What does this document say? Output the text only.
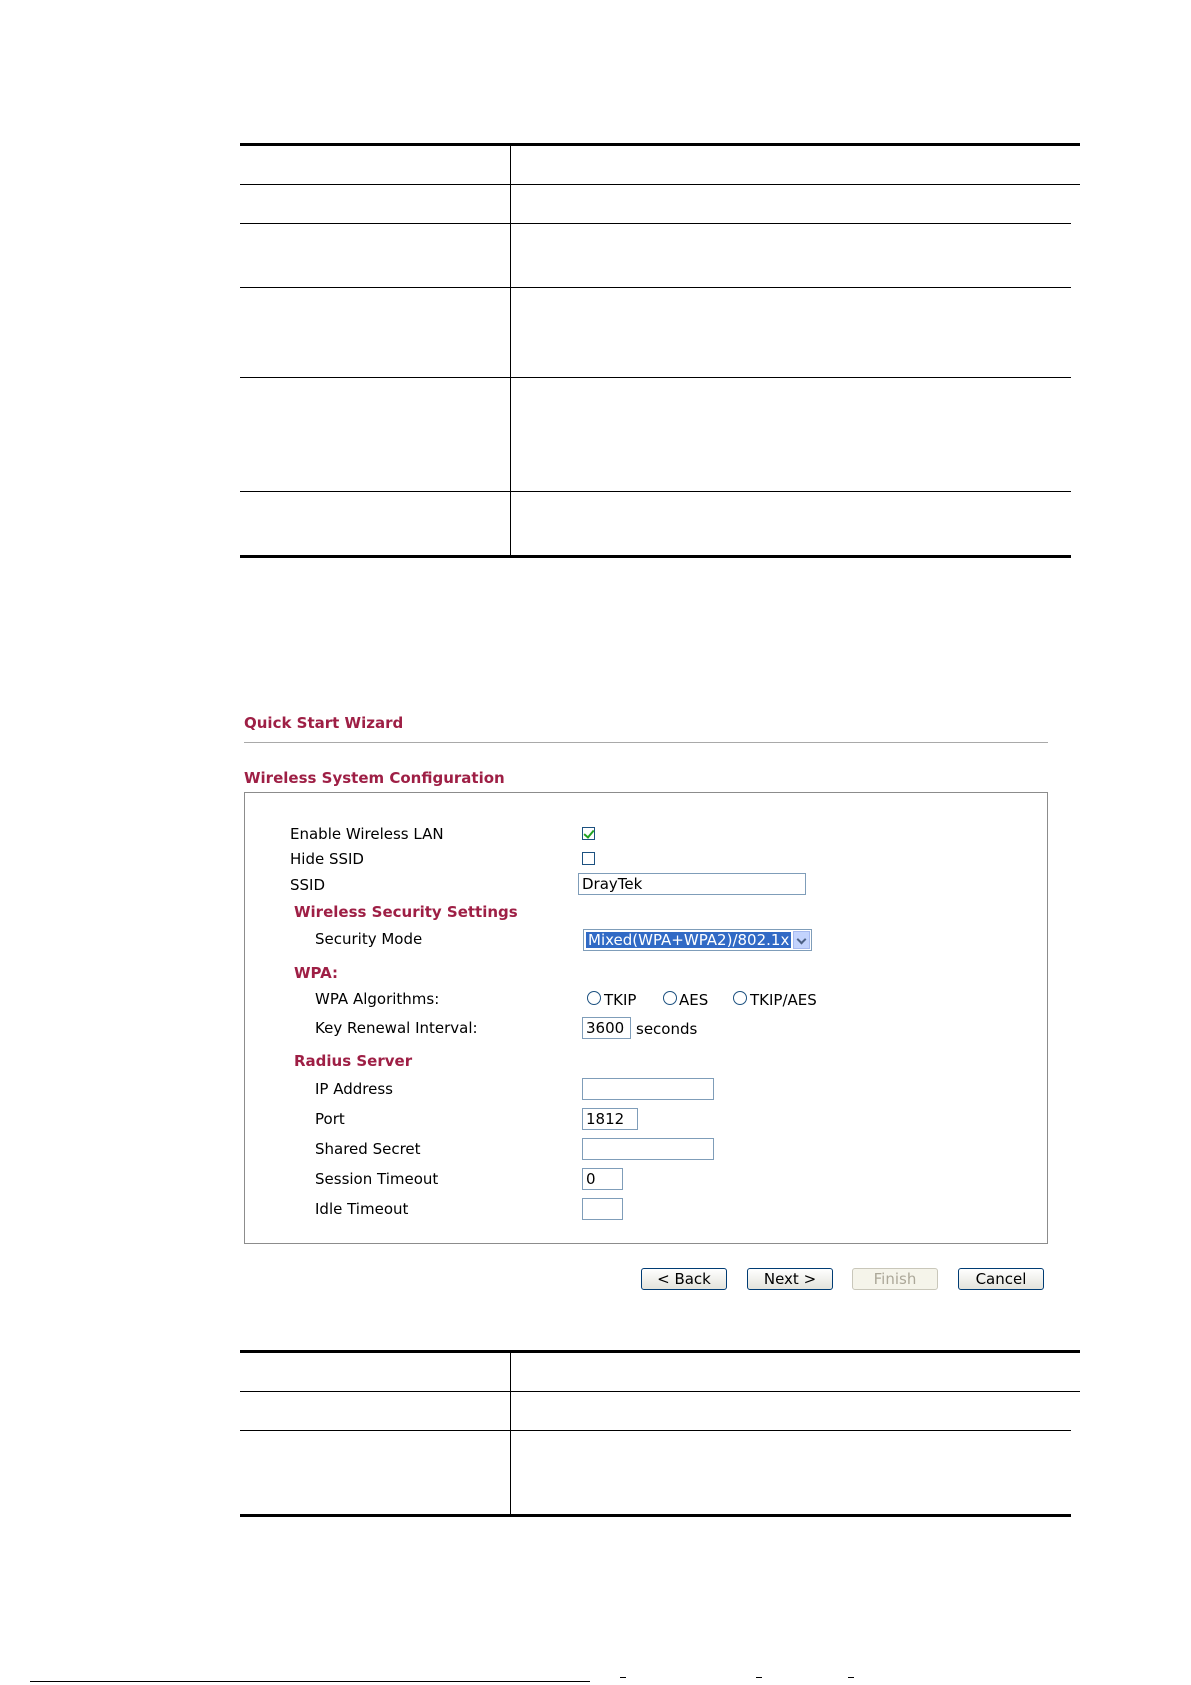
Quick Start Wizard
Wireless System Configuration
Enable Wireless LAN
Hide SSID
SSID	DrayTek
Wireless Security Settings
Security Mode	Mixed(WPA+WPA2)/802.1x
WPA:
WPA Algorithms:	TKIP	AES	TKIP/AES
Key Renewal Interval:	3600 seconds
Radius Server
IP Address
Port	1812
Shared Secret
Session Timeout	0
Idle Timeout
< Back	Next >	Finish	Cancel
